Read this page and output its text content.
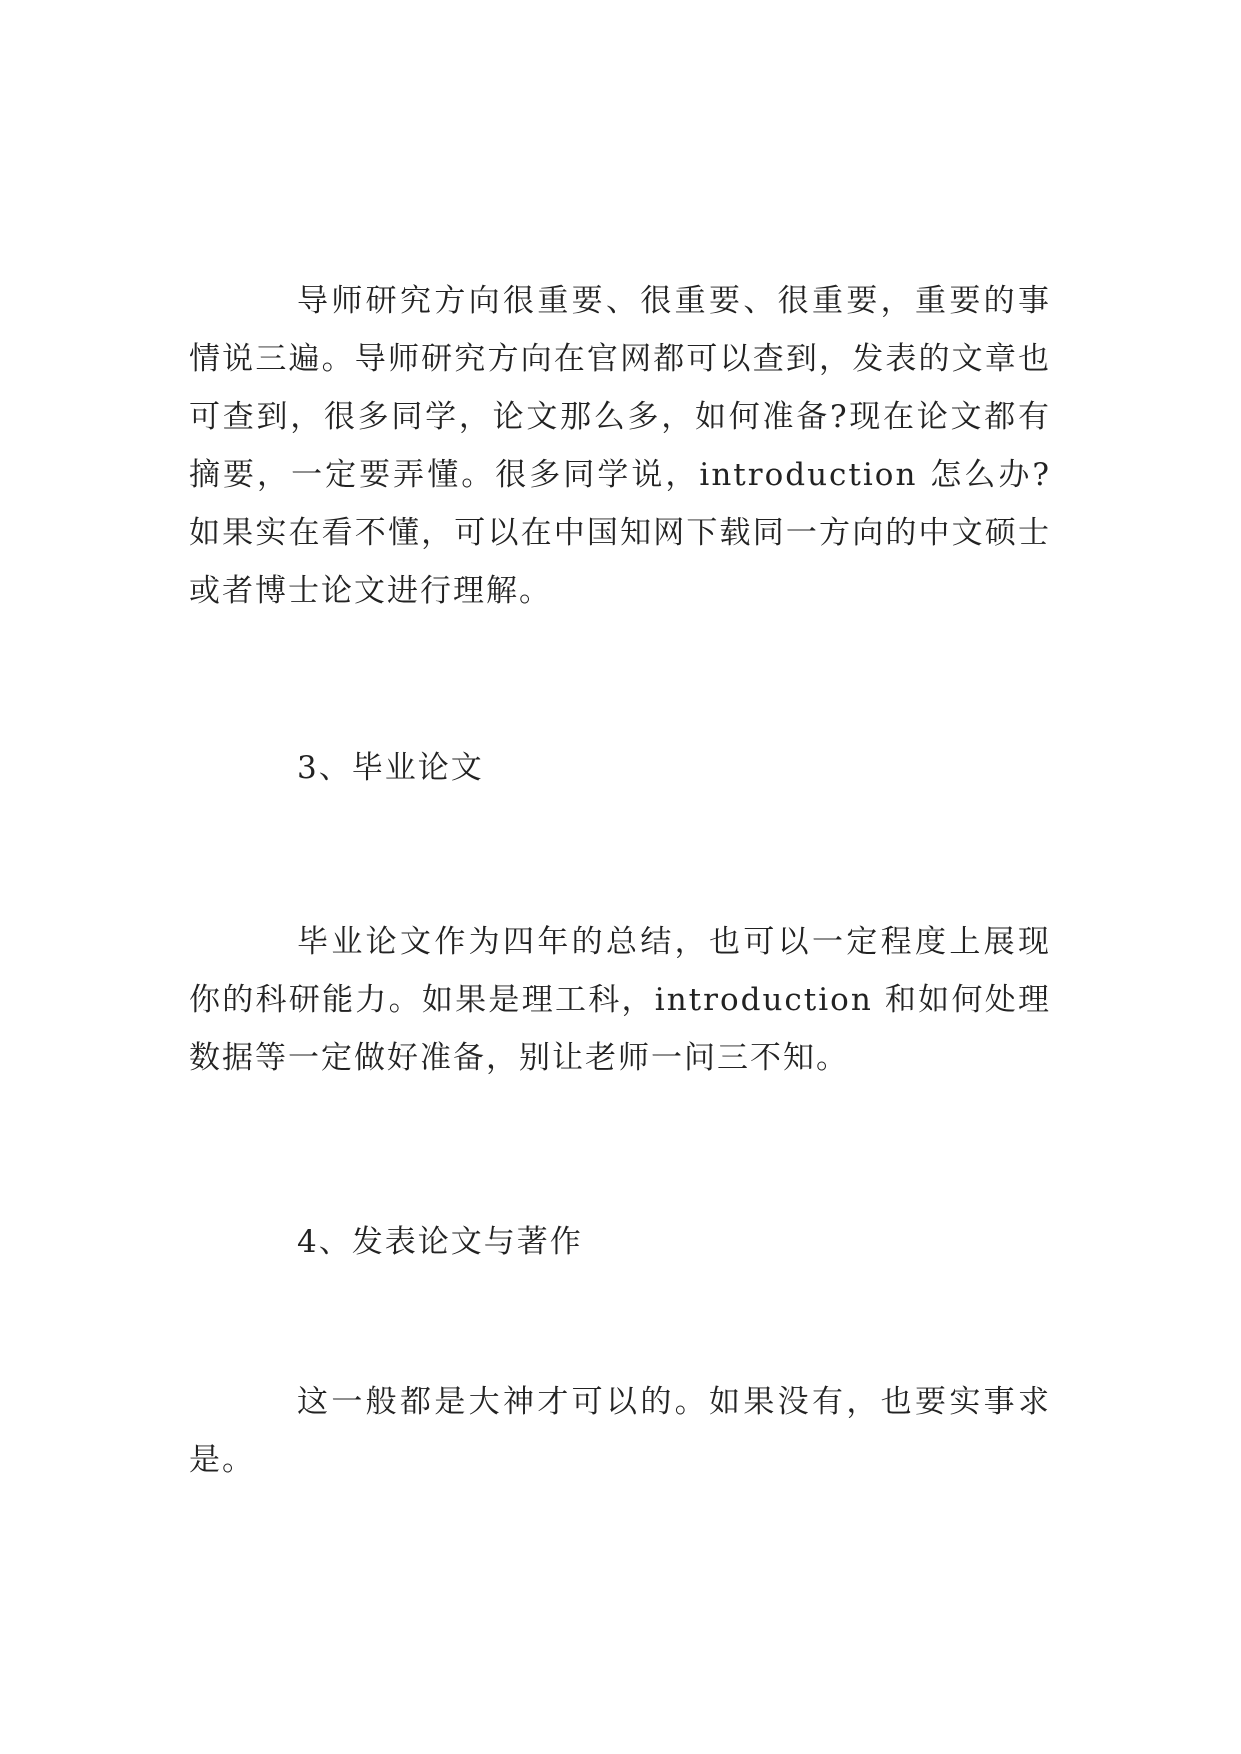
导师研究方向很重要、很重要、很重要，重要的事情说三遍。导师研究方向在官网都可以查到，发表的文章也可查到，很多同学，论文那么多，如何准备?现在论文都有摘要，一定要弄懂。很多同学说，introduction 怎么办?如果实在看不懂，可以在中国知网下载同一方向的中文硕士或者博士论文进行理解。

3、毕业论文

毕业论文作为四年的总结，也可以一定程度上展现你的科研能力。如果是理工科，introduction 和如何处理数据等一定做好准备，别让老师一问三不知。

4、发表论文与著作

这一般都是大神才可以的。如果没有，也要实事求是。
